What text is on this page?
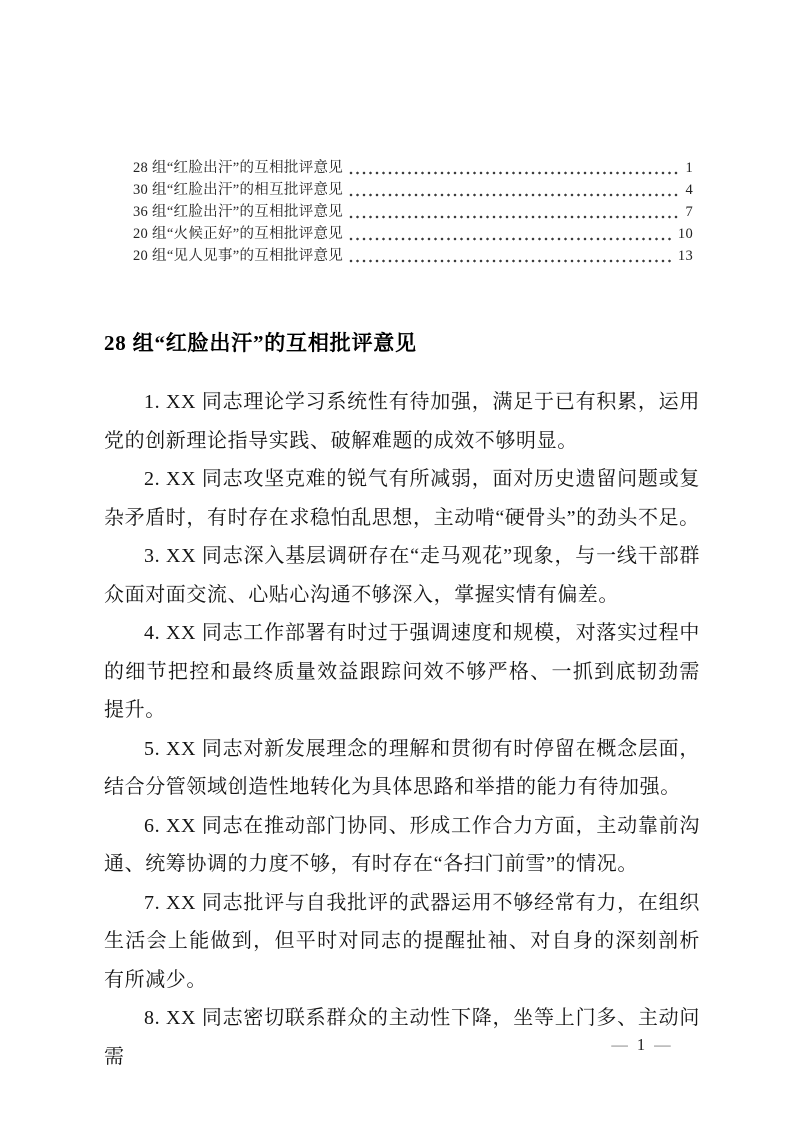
28 组“红脸出汗”的互相批评意见	1
30 组“红脸出汗”的相互批评意见	4
36 组“红脸出汗”的互相批评意见	7
20 组“火候正好”的互相批评意见	10
20 组“见人见事”的互相批评意见	13
28 组“红脸出汗”的互相批评意见

1. XX 同志理论学习系统性有待加强，满足于已有积累，运用党的创新理论指导实践、破解难题的成效不够明显。

2. XX 同志攻坚克难的锐气有所减弱，面对历史遗留问题或复杂矛盾时，有时存在求稳怕乱思想，主动啃“硬骨头”的劲头不足。

3. XX 同志深入基层调研存在“走马观花”现象，与一线干部群众面对面交流、心贴心沟通不够深入，掌握实情有偏差。

4. XX 同志工作部署有时过于强调速度和规模，对落实过程中的细节把控和最终质量效益跟踪问效不够严格、一抓到底韧劲需提升。

5. XX 同志对新发展理念的理解和贯彻有时停留在概念层面，结合分管领域创造性地转化为具体思路和举措的能力有待加强。

6. XX 同志在推动部门协同、形成工作合力方面，主动靠前沟通、统筹协调的力度不够，有时存在“各扫门前雪”的情况。

7. XX 同志批评与自我批评的武器运用不够经常有力，在组织生活会上能做到，但平时对同志的提醒扯袖、对自身的深刻剖析有所减少。

8. XX 同志密切联系群众的主动性下降，坐等上门多、主动问需

— 1 —
